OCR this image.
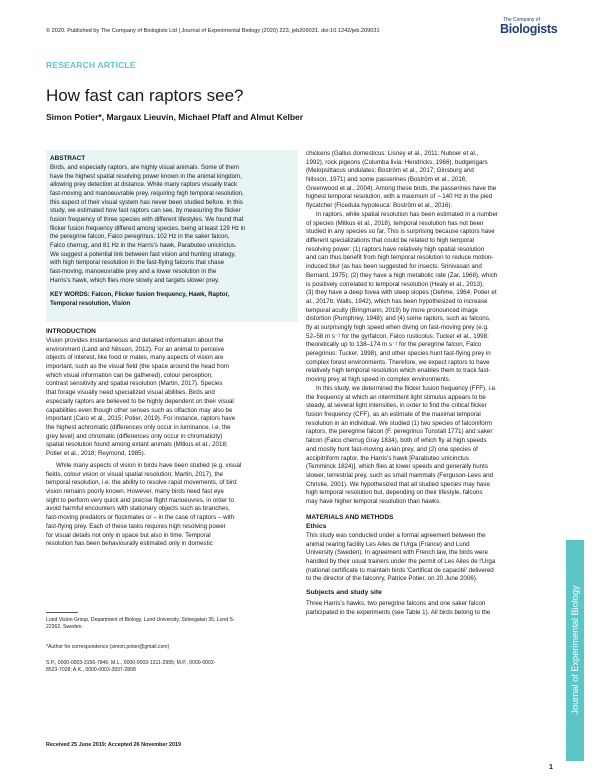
© 2020. Published by The Company of Biologists Ltd | Journal of Experimental Biology (2020) 223, jeb209031. doi:10.1242/jeb.209031
The Company of
Biologists
RESEARCH ARTICLE
How fast can raptors see?
Simon Potier*, Margaux Lieuvin, Michael Pfaff and Almut Kelber
ABSTRACT
Birds, and especially raptors, are highly visual animals. Some of them
have the highest spatial resolving power known in the animal kingdom,
allowing prey detection at distance. While many raptors visually track
fast-moving and manoeuvrable prey, requiring high temporal resolution,
this aspect of their visual system has never been studied before. In this
study, we estimated how fast raptors can see, by measuring the flicker
fusion frequency of three species with different lifestyles. We found that
flicker fusion frequency differed among species, being at least 129 Hz in
the peregrine falcon, Falco peregrinus, 102 Hz in the saker falcon,
Falco cherrug, and 81 Hz in the Harris's hawk, Parabuteo unicinctus.
We suggest a potential link between fast vision and hunting strategy,
with high temporal resolution in the fast-flying falcons that chase
fast-moving, manoeuvrable prey and a lower resolution in the
Harris's hawk, which flies more slowly and targets slower prey.
KEY WORDS: Falcon, Flicker fusion frequency, Hawk, Raptor,
Temporal resolution, Vision
INTRODUCTION
Vision provides instantaneous and detailed information about the
environment (Land and Nilsson, 2012). For an animal to perceive
objects of interest, like food or mates, many aspects of vision are
important, such as the visual field (the space around the head from
which visual information can be gathered), colour perception,
contrast sensitivity and spatial resolution (Martin, 2017). Species
that forage visually need specialized visual abilities. Birds and
especially raptors are believed to be highly dependent on their visual
capabilities even though other senses such as olfaction may also be
important (Caro et al., 2015; Potier, 2019). For instance, raptors have
the highest achromatic (differences only occur in luminance, i.e. the
grey level) and chromatic (differences only occur in chromaticity)
spatial resolution found among extant animals (Mitkus et al., 2018;
Potier et al., 2018; Reymond, 1985).
While many aspects of vision in birds have been studied (e.g. visual
fields, colour vision or visual spatial resolution; Martin, 2017), the
temporal resolution, i.e. the ability to resolve rapid movements, of bird
vision remains poorly known. However, many birds need fast eye
sight to perform very quick and precise flight manoeuvres, in order to
avoid harmful encounters with stationary objects such as branches,
fast-moving predators or flockmates or – in the case of raptors – with
fast-flying prey. Each of these tasks requires high resolving power
for visual details not only in space but also in time. Temporal
resolution has been behaviourally estimated only in domestic
Lund Vision Group, Department of Biology, Lund University, Sölvegatan 35, Lund S-
22362, Sweden.
*Author for correspondence (simon.potier@gmail.com)
S.P., 0000-0003-3156-7846; M.L., 0000-0003-1311-2995; M.P., 0000-0002-
8523-7028; A.K., 0000-0003-3937-2808
Received 25 June 2019; Accepted 26 November 2019
chickens (Gallus domesticus: Lisney et al., 2011; Nuboer et al.,
1992), rock pigeons (Columba livia: Hendricks, 1966), budgerigars
(Melopsittacus undulates: Boström et al., 2017; Ginsburg and
Nilsson, 1971) and some passerines (Boström et al., 2016;
Greenwood et al., 2004). Among these birds, the passerines have the
highest temporal resolution, with a maximum of ∼140 Hz in the pied
flycatcher (Ficedula hypoleuca: Boström et al., 2016).
In raptors, while spatial resolution has been estimated in a number
of species (Mitkus et al., 2018), temporal resolution has not been
studied in any species so far. This is surprising because raptors have
different specializations that could be related to high temporal
resolving power: (1) raptors have relatively high spatial resolution
and can thus benefit from high temporal resolution to reduce motion-
induced blur (as has been suggested for insects: Srinivasan and
Bernard, 1975); (2) they have a high metabolic rate (Zar, 1968), which
is positively correlated to temporal resolution (Healy et al., 2013);
(3) they have a deep fovea with steep slopes (Oehme, 1964; Potier et
al., 2017b; Walls, 1942), which has been hypothesized to increase
temporal acuity (Bringmann, 2019) by more pronounced image
distortion (Pumphrey, 1948); and (4) some raptors, such as falcons,
fly at surprisingly high speed when diving on fast-moving prey (e.g.
52–58 m s⁻¹ for the gyrfalcon, Falco rusticolus: Tucker et al., 1998;
theoretically up to 138–174 m s⁻¹ for the peregrine falcon, Falco
peregrinus: Tucker, 1998), and other species hunt fast-flying prey in
complex forest environments. Therefore, we expect raptors to have
relatively high temporal resolution which enables them to track fast-
moving prey at high speed in complex environments.
In this study, we determined the flicker fusion frequency (FFF), i.e.
the frequency at which an intermittent light stimulus appears to be
steady, at several light intensities, in order to find the critical flicker
fusion frequency (CFF), as an estimate of the maximal temporal
resolution in an individual. We studied (1) two species of falconiform
raptors, the peregrine falcon (F. peregrinus Tunstall 1771) and saker
falcon (Falco cherrug Gray 1834), both of which fly at high speeds
and mostly hunt fast-moving avian prey, and (2) one species of
accipitriform raptor, the Harris's hawk [Parabuteo unicinctus
(Temminck 1824)], which flies at lower speeds and generally hunts
slower, terrestrial prey, such as small mammals (Ferguson-Lees and
Christie, 2001). We hypothesized that all studied species may have
high temporal resolution but, depending on their lifestyle, falcons
may have higher temporal resolution than hawks.
MATERIALS AND METHODS
Ethics
This study was conducted under a formal agreement between the
animal rearing facility Les Ailes de l'Urga (France) and Lund
University (Sweden). In agreement with French law, the birds were
handled by their usual trainers under the permit of Les Ailes de l'Urga
(national certificate to maintain birds 'Certificat de capacité' delivered
to the director of the falconry, Patrice Potier, on 20 June 2006).
Subjects and study site
Three Harris's hawks, two peregrine falcons and one saker falcon
participated in the experiments (see Table 1). All birds belong to the	Journal of Experimental Biology
1
